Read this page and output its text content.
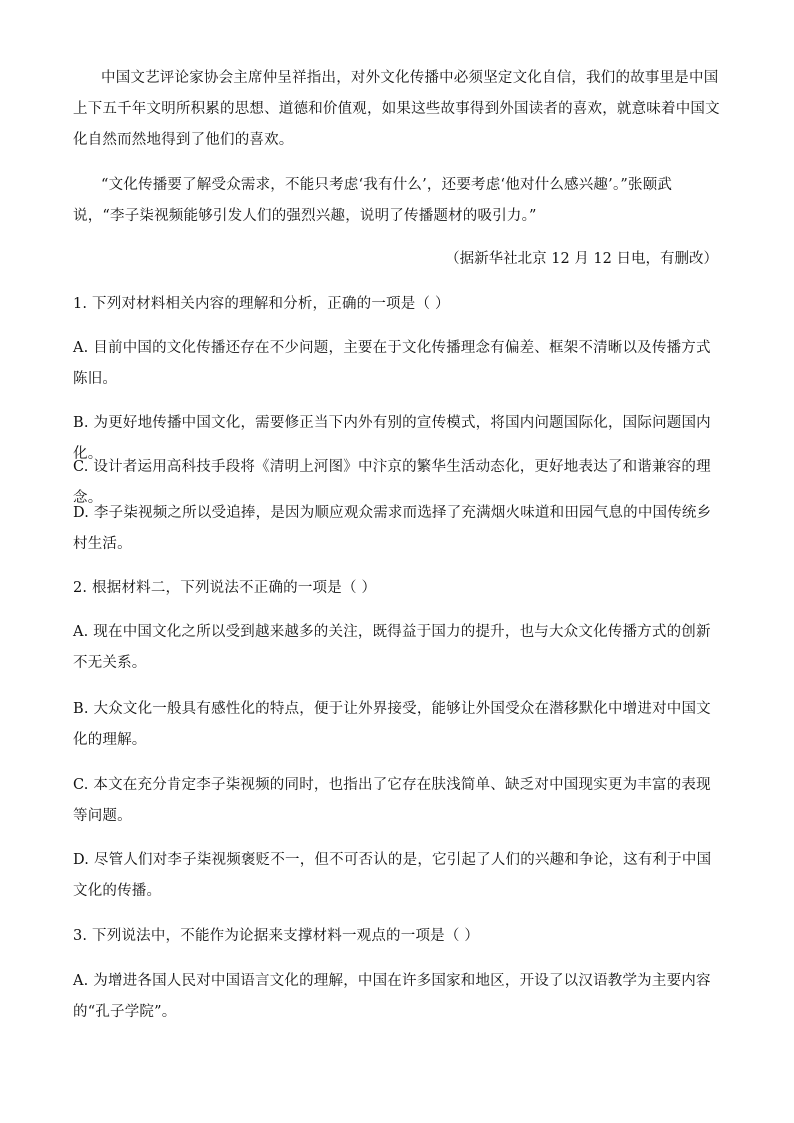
中国文艺评论家协会主席仲呈祥指出，对外文化传播中必须坚定文化自信，我们的故事里是中国上下五千年文明所积累的思想、道德和价值观，如果这些故事得到外国读者的喜欢，就意味着中国文化自然而然地得到了他们的喜欢。

“文化传播要了解受众需求，不能只考虑‘我有什么’，还要考虑‘他对什么感兴趣’。”张颐武说，“李子柒视频能够引发人们的强烈兴趣，说明了传播题材的吸引力。”

（据新华社北京 12 月 12 日电，有删改）

1. 下列对材料相关内容的理解和分析，正确的一项是（ ）

A. 目前中国的文化传播还存在不少问题，主要在于文化传播理念有偏差、框架不清晰以及传播方式陈旧。

B. 为更好地传播中国文化，需要修正当下内外有别的宣传模式，将国内问题国际化，国际问题国内化。

C. 设计者运用高科技手段将《清明上河图》中汴京的繁华生活动态化，更好地表达了和谐兼容的理念。

D. 李子柒视频之所以受追捧，是因为顺应观众需求而选择了充满烟火味道和田园气息的中国传统乡村生活。

2. 根据材料二，下列说法不正确的一项是（ ）

A. 现在中国文化之所以受到越来越多的关注，既得益于国力的提升，也与大众文化传播方式的创新不无关系。

B. 大众文化一般具有感性化的特点，便于让外界接受，能够让外国受众在潜移默化中增进对中国文化的理解。

C. 本文在充分肯定李子柒视频的同时，也指出了它存在肤浅简单、缺乏对中国现实更为丰富的表现等问题。

D. 尽管人们对李子柒视频褒贬不一，但不可否认的是，它引起了人们的兴趣和争论，这有利于中国文化的传播。

3. 下列说法中，不能作为论据来支撑材料一观点的一项是（ ）

A. 为增进各国人民对中国语言文化的理解，中国在许多国家和地区，开设了以汉语教学为主要内容的“孔子学院”。
